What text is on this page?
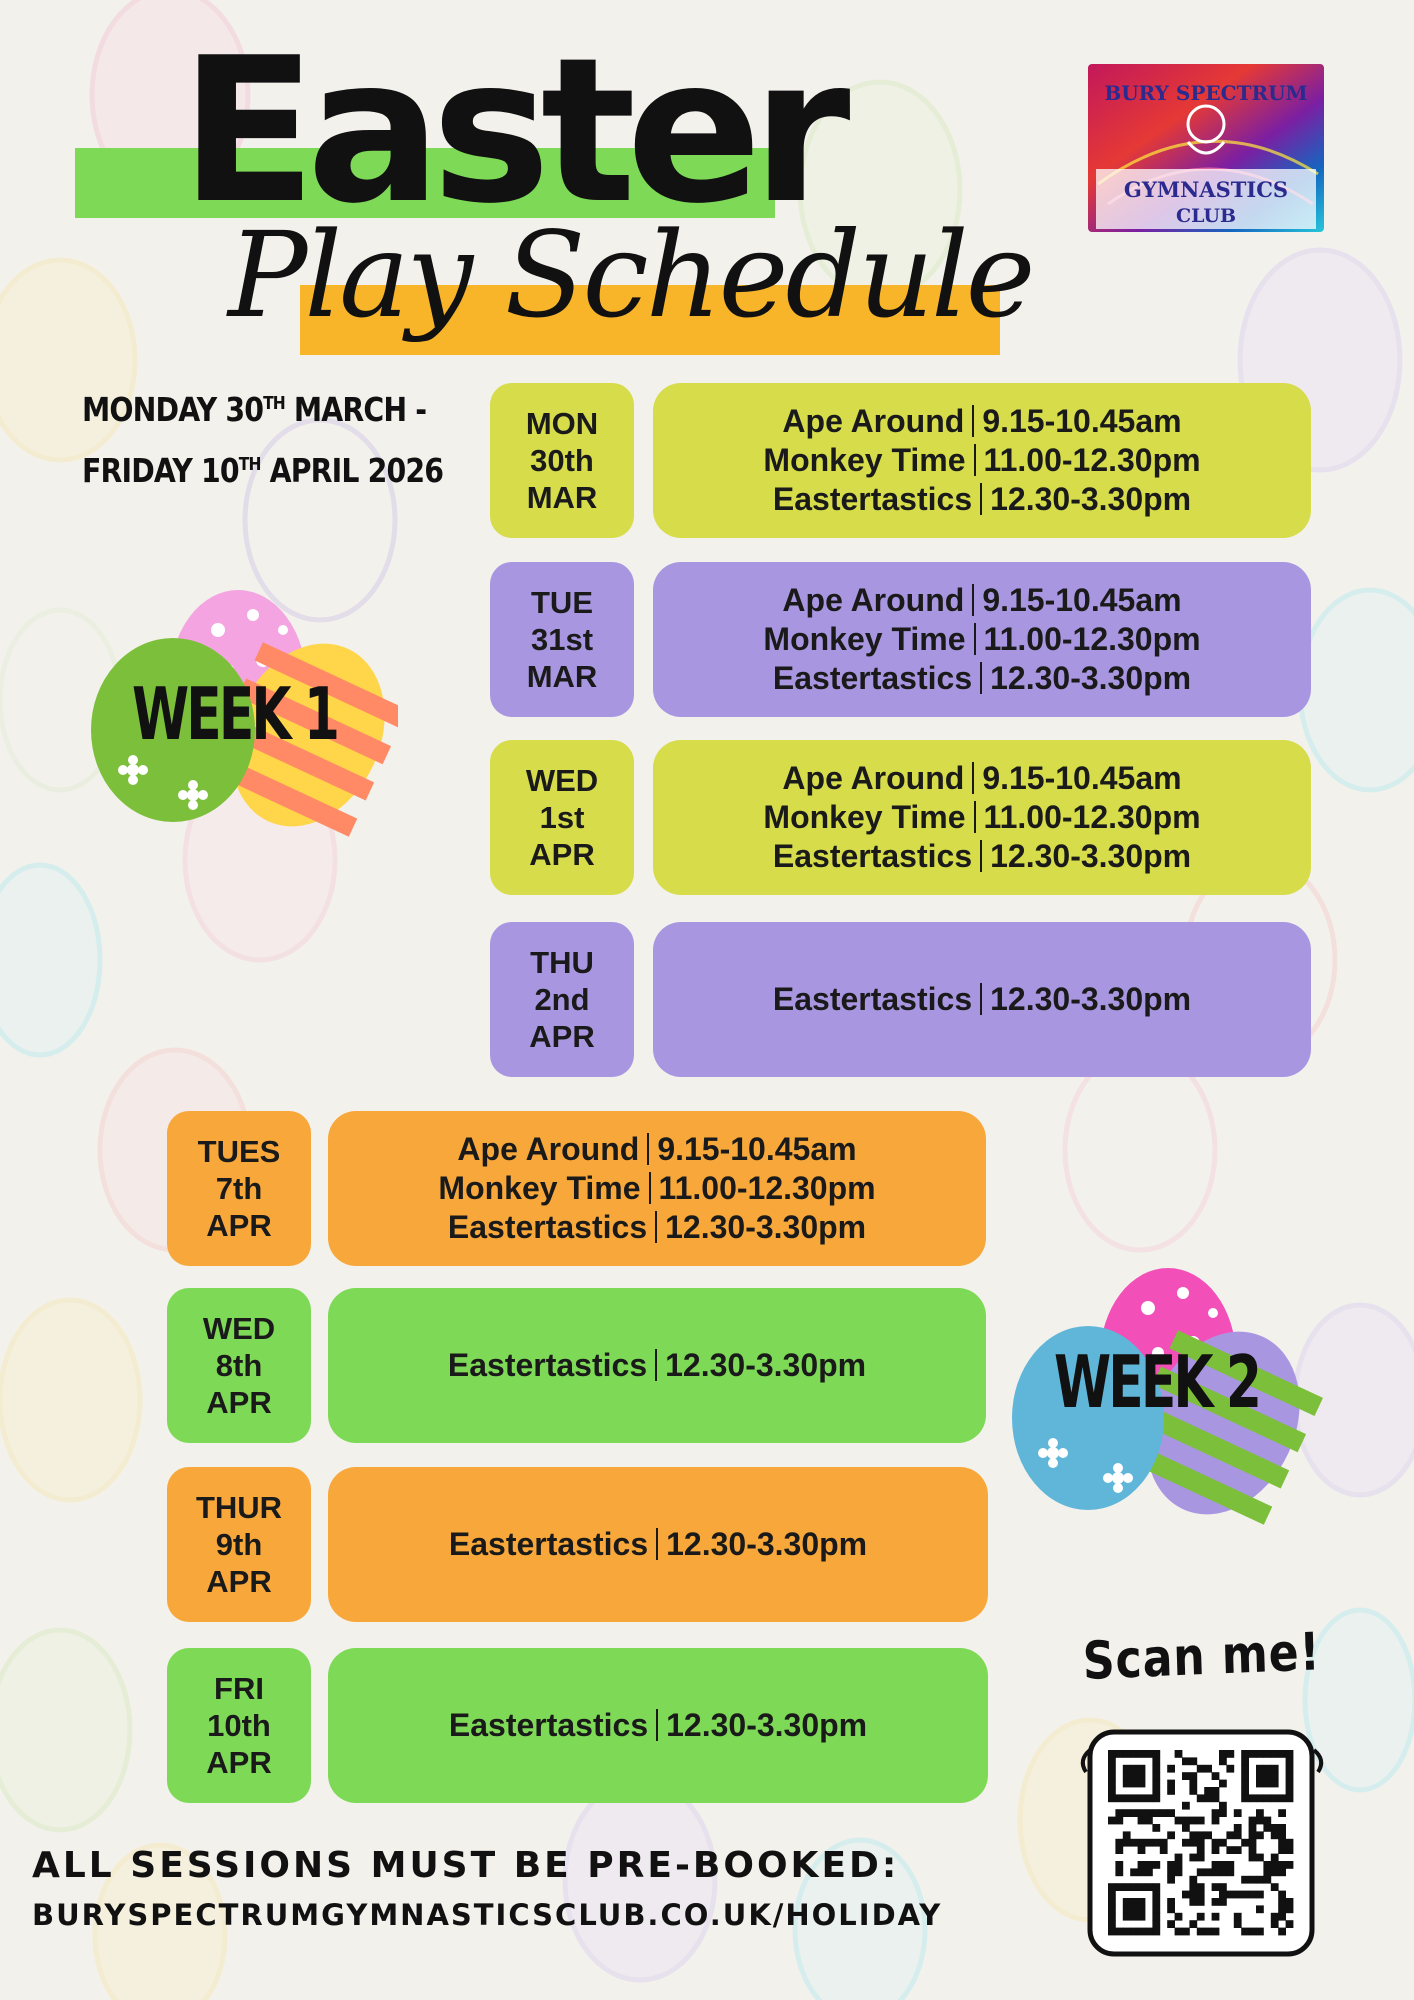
Easter
Play Schedule
BURY SPECTRUM
GYMNASTICS
CLUB
MONDAY 30TH MARCH -
FRIDAY 10TH APRIL 2026
WEEK 1
WEEK 2
MON
30th
MAR
Ape Around 9.15-10.45am
Monkey Time 11.00-12.30pm
Eastertastics 12.30-3.30pm
TUE
31st
MAR
Ape Around 9.15-10.45am
Monkey Time 11.00-12.30pm
Eastertastics 12.30-3.30pm
WED
1st
APR
Ape Around 9.15-10.45am
Monkey Time 11.00-12.30pm
Eastertastics 12.30-3.30pm
THU
2nd
APR
Eastertastics 12.30-3.30pm
TUES
7th
APR
Ape Around 9.15-10.45am
Monkey Time 11.00-12.30pm
Eastertastics 12.30-3.30pm
WED
8th
APR
Eastertastics 12.30-3.30pm
THUR
9th
APR
Eastertastics 12.30-3.30pm
FRI
10th
APR
Eastertastics 12.30-3.30pm
ALL SESSIONS MUST BE PRE-BOOKED:
BURYSPECTRUMGYMNASTICSCLUB.CO.UK/HOLIDAY
Scan me!
